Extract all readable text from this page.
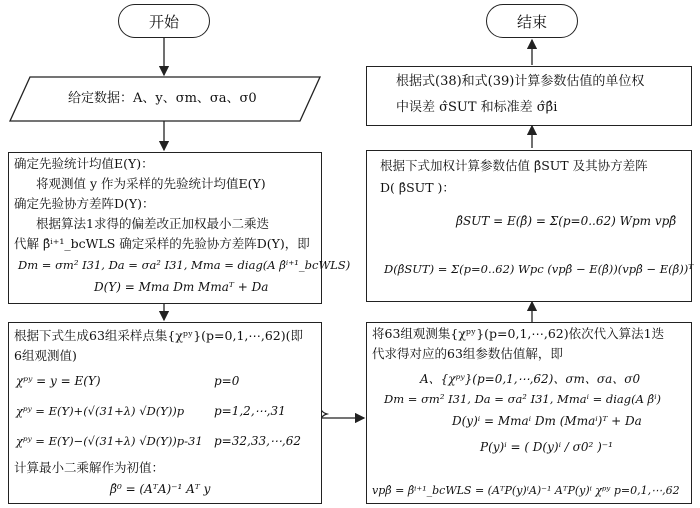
开始	结束
给定数据：A、y、σm、σa、σ0
确定先验统计均值E(Y)：
将观测值 y 作为采样的先验统计均值E(Y)
确定先验协方差阵D(Y)：
根据算法1求得的偏差改正加权最小二乘迭
代解 β̂ⁱ⁺¹_bcWLS 确定采样的先验协方差阵D(Y)，即
Dm = σm² I31, Da = σa² I31, Mma = diag(A β̂ⁱ⁺¹_bcWLS)
D(Y) = Mma Dm Mmaᵀ + Da
根据下式生成63组采样点集{χᵖʸ}(p=0,1,⋯,62)(即
6组观测值)
χᵖʸ = y = E(Y)	p=0
χᵖʸ = E(Y)+(√(31+λ) √D(Y))p p=1,2,⋯,31
χᵖʸ = E(Y)−(√(31+λ) √D(Y))p-31 p=32,33,⋯,62
计算最小二乘解作为初值：
β̂⁰ = (AᵀA)⁻¹ Aᵀ y
根据式(38)和式(39)计算参数估值的单位权
中误差 σ̂SUT 和标准差 σ̂β̂i
根据下式加权计算参数估值 β̂SUT 及其协方差阵
D( β̂SUT )：
β̂SUT = E(β̂) = Σ(p=0..62) Wpm vpβ̂
D(β̂SUT) = Σ(p=0..62) Wpc (vpβ̂ − E(β̂))(vpβ̂ − E(β̂))ᵀ
将63组观测集{χᵖʸ}(p=0,1,⋯,62)依次代入算法1迭
代求得对应的63组参数估值解，即
A、{χᵖʸ}(p=0,1,⋯,62)、σm、σa、σ0
Dm = σm² I31, Da = σa² I31, Mmaⁱ = diag(A β̂ⁱ)
D(y)ⁱ = Mmaⁱ Dm (Mmaⁱ)ᵀ + Da
P(y)ⁱ = ( D(y)ⁱ / σ0² )⁻¹
vpβ̂ = β̂ⁱ⁺¹_bcWLS = (AᵀP(y)ⁱA)⁻¹ AᵀP(y)ⁱ χᵖʸ p=0,1,⋯,62
